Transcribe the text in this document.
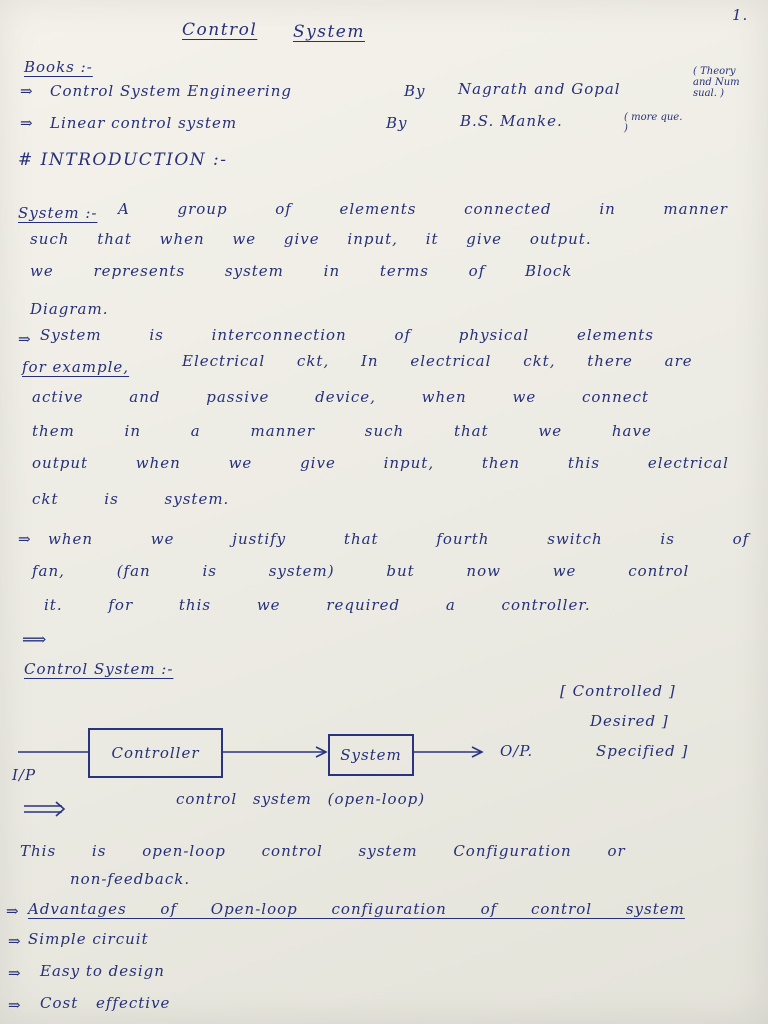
1.
Control System
Books :-
⇒ Control System Engineering	By Nagrath and Gopal
( Theory and Num sual. )
⇒ Linear control system	By	B.S. Manke.	( more que. )
# INTRODUCTION :-
System :- A	group	of	elements	connected	in	manner
such that when we give input, it give output.
we represents system in terms of Block
Diagram.
⇒ System is interconnection of physical elements
for example,	Electrical ckt, In electrical ckt, there are
active and passive device, when we connect
them in a manner such that we have
output when we give input, then this electrical
ckt is system.
⇒ when we justify that fourth switch is of
fan, (fan is system) but now we control
it. for this we required a controller.
⟹
Control System :-
[ Controlled ]
Desired ]
Specified ]
Controller	System
I/P
O/P.
control system (open-loop)
This is open-loop control system Configuration or
non-feedback.
⇒ Advantages of Open-loop configuration of control system
⇒ Simple circuit
⇒ Easy to design
⇒ Cost effective
